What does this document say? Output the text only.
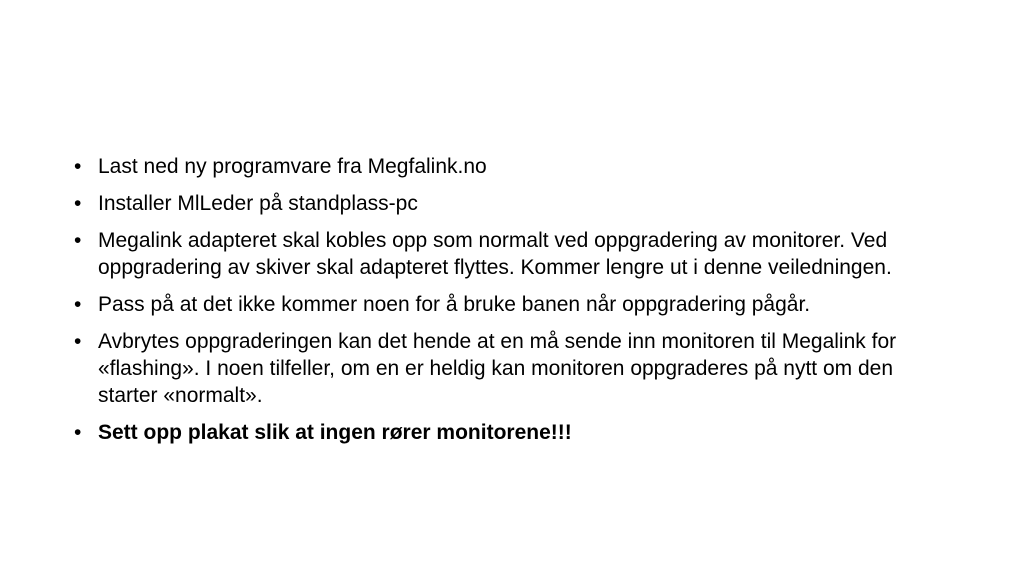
• Last ned ny programvare fra Megfalink.no
• Installer MlLeder på standplass-pc
• Megalink adapteret skal kobles opp som normalt ved oppgradering av monitorer. Ved oppgradering av skiver skal adapteret flyttes. Kommer lengre ut i denne veiledningen.
• Pass på at det ikke kommer noen for å bruke banen når oppgradering pågår.
• Avbrytes oppgraderingen kan det hende at en må sende inn monitoren til Megalink for «flashing». I noen tilfeller, om en er heldig kan monitoren oppgraderes på nytt om den starter «normalt».
• Sett opp plakat slik at ingen rører monitorene!!!
